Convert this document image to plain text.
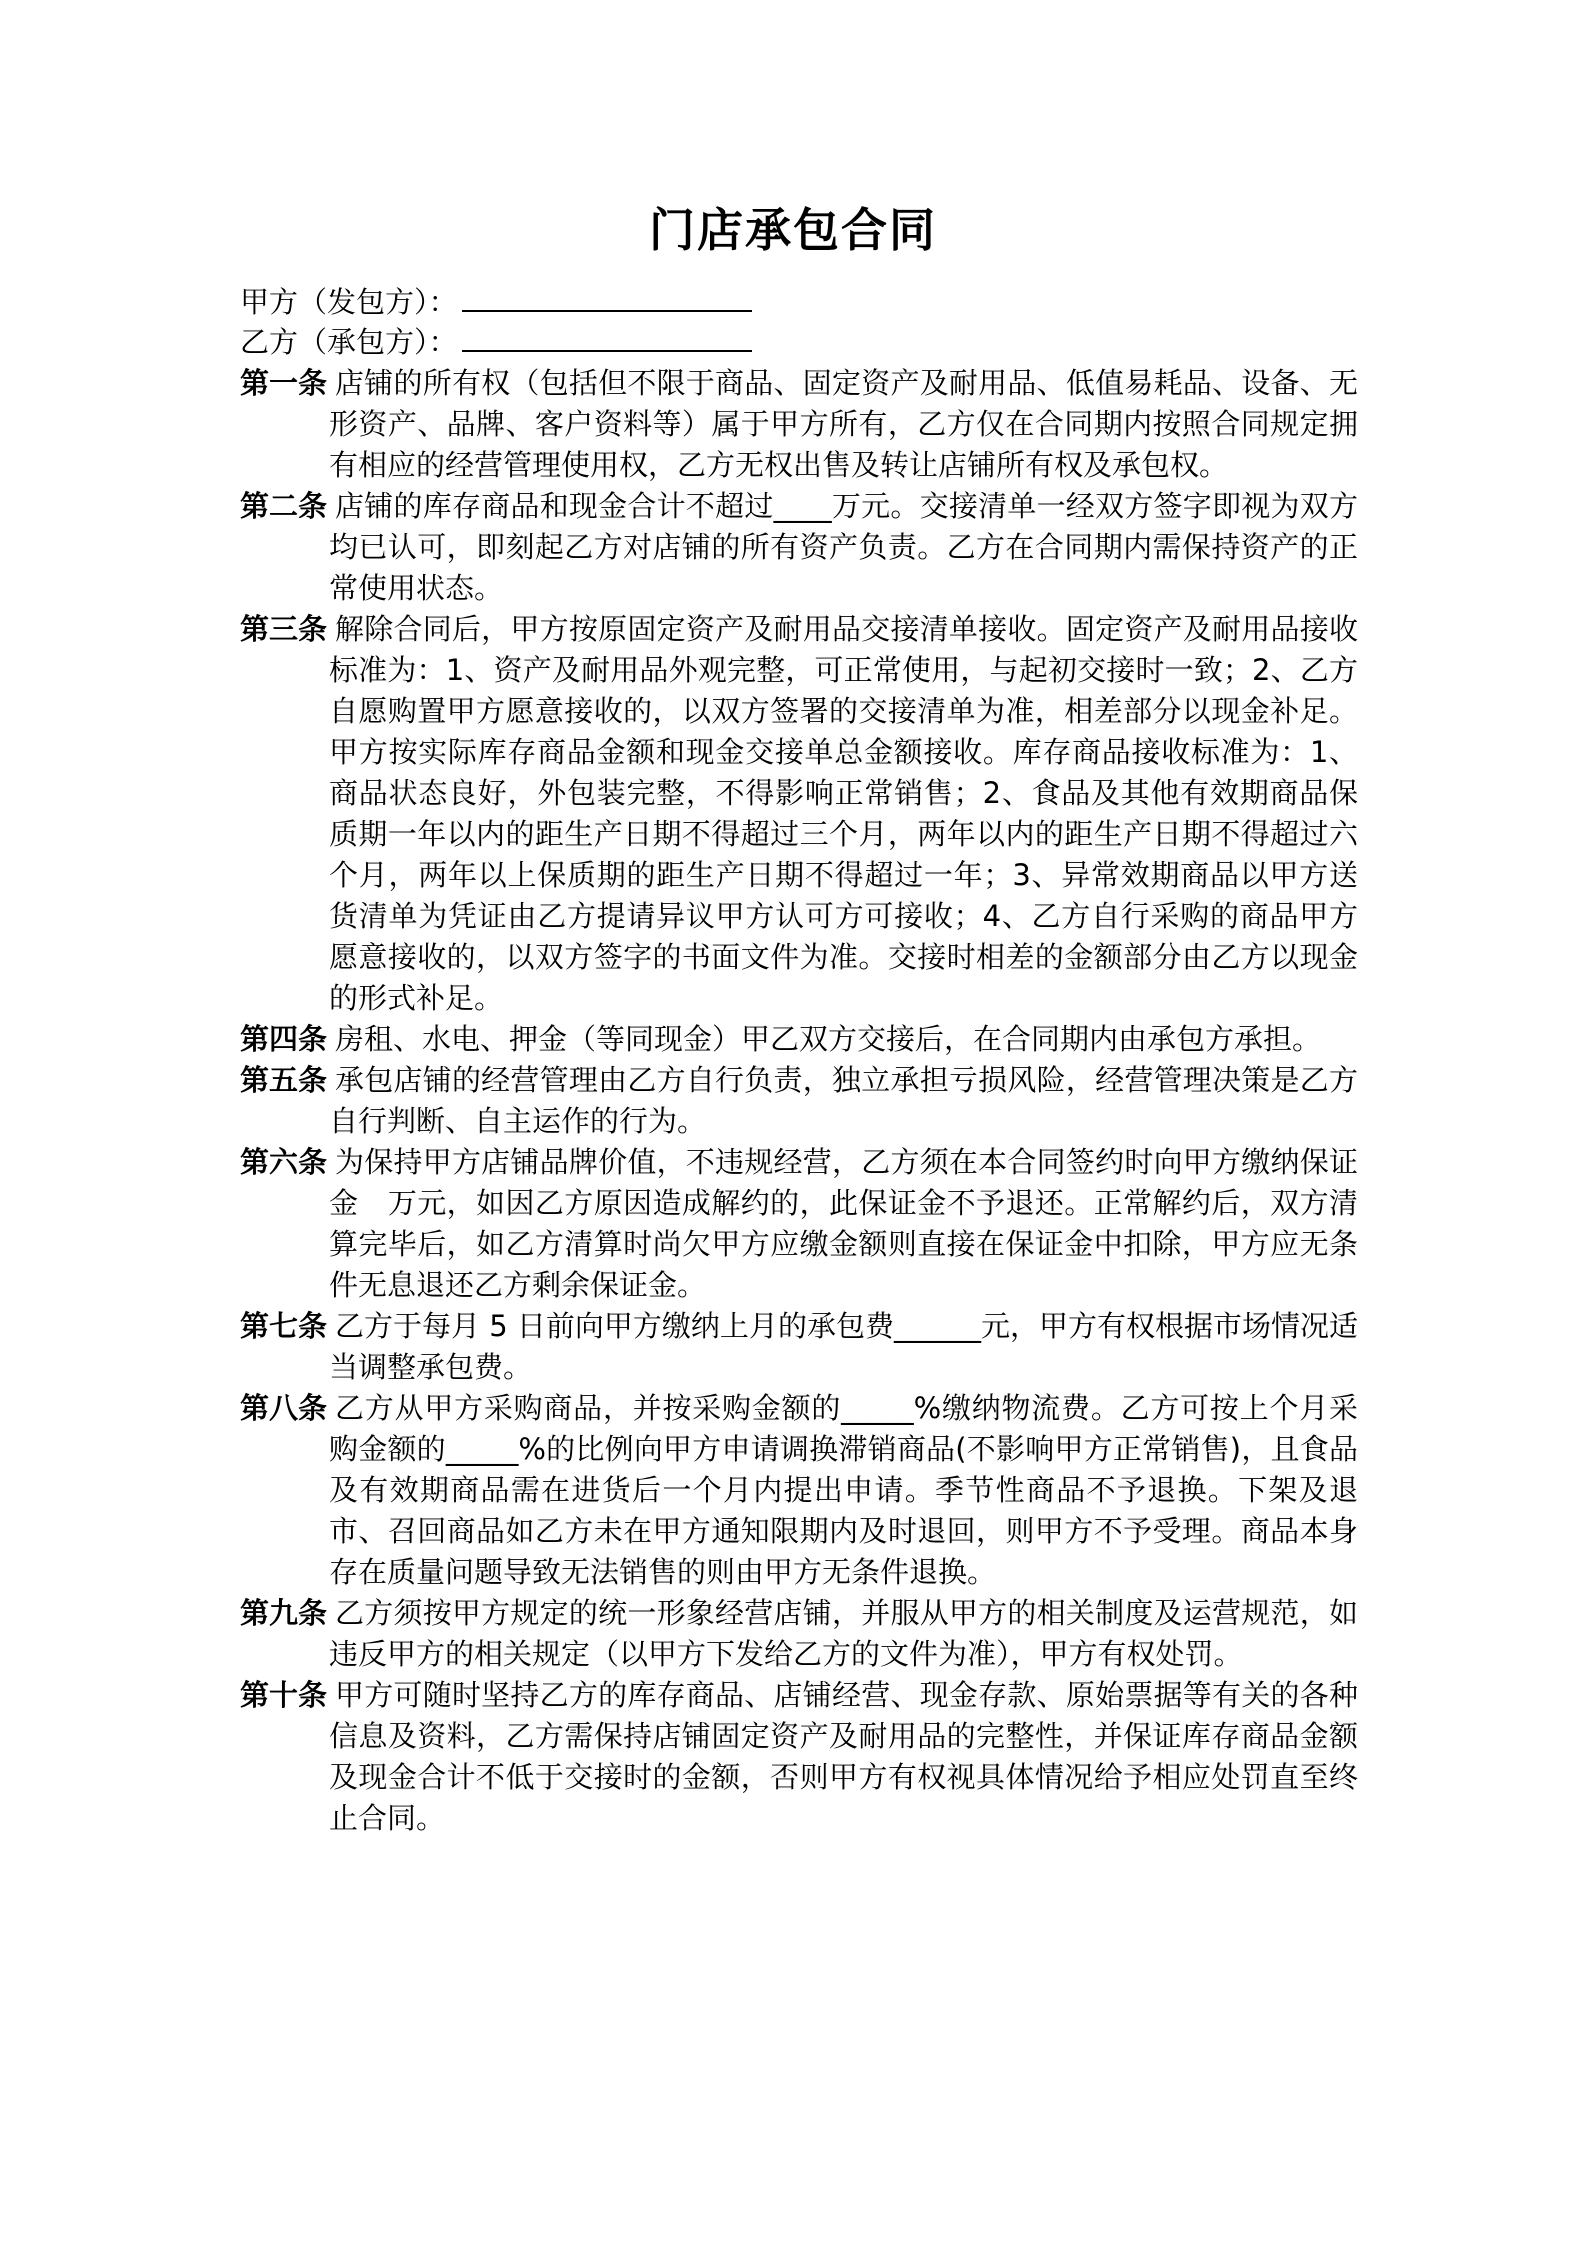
门店承包合同
甲方（发包方）：
乙方（承包方）：
第一条 店铺的所有权（包括但不限于商品、固定资产及耐用品、低值易耗品、设备、无形资产、品牌、客户资料等）属于甲方所有，乙方仅在合同期内按照合同规定拥有相应的经营管理使用权，乙方无权出售及转让店铺所有权及承包权。
第二条 店铺的库存商品和现金合计不超过____万元。交接清单一经双方签字即视为双方均已认可，即刻起乙方对店铺的所有资产负责。乙方在合同期内需保持资产的正常使用状态。
第三条 解除合同后，甲方按原固定资产及耐用品交接清单接收。固定资产及耐用品接收标准为：1、资产及耐用品外观完整，可正常使用，与起初交接时一致；2、乙方自愿购置甲方愿意接收的，以双方签署的交接清单为准，相差部分以现金补足。甲方按实际库存商品金额和现金交接单总金额接收。库存商品接收标准为：1、商品状态良好，外包装完整，不得影响正常销售；2、食品及其他有效期商品保质期一年以内的距生产日期不得超过三个月，两年以内的距生产日期不得超过六个月，两年以上保质期的距生产日期不得超过一年；3、异常效期商品以甲方送货清单为凭证由乙方提请异议甲方认可方可接收；4、乙方自行采购的商品甲方愿意接收的，以双方签字的书面文件为准。交接时相差的金额部分由乙方以现金的形式补足。
第四条 房租、水电、押金（等同现金）甲乙双方交接后，在合同期内由承包方承担。
第五条 承包店铺的经营管理由乙方自行负责，独立承担亏损风险，经营管理决策是乙方自行判断、自主运作的行为。
第六条 为保持甲方店铺品牌价值，不违规经营，乙方须在本合同签约时向甲方缴纳保证金　万元，如因乙方原因造成解约的，此保证金不予退还。正常解约后，双方清算完毕后，如乙方清算时尚欠甲方应缴金额则直接在保证金中扣除，甲方应无条件无息退还乙方剩余保证金。
第七条 乙方于每月 5 日前向甲方缴纳上月的承包费______元，甲方有权根据市场情况适当调整承包费。
第八条 乙方从甲方采购商品，并按采购金额的_____%缴纳物流费。乙方可按上个月采购金额的_____%的比例向甲方申请调换滞销商品(不影响甲方正常销售)，且食品及有效期商品需在进货后一个月内提出申请。季节性商品不予退换。下架及退市、召回商品如乙方未在甲方通知限期内及时退回，则甲方不予受理。商品本身存在质量问题导致无法销售的则由甲方无条件退换。
第九条 乙方须按甲方规定的统一形象经营店铺，并服从甲方的相关制度及运营规范，如违反甲方的相关规定（以甲方下发给乙方的文件为准），甲方有权处罚。
第十条 甲方可随时坚持乙方的库存商品、店铺经营、现金存款、原始票据等有关的各种信息及资料，乙方需保持店铺固定资产及耐用品的完整性，并保证库存商品金额及现金合计不低于交接时的金额，否则甲方有权视具体情况给予相应处罚直至终止合同。
